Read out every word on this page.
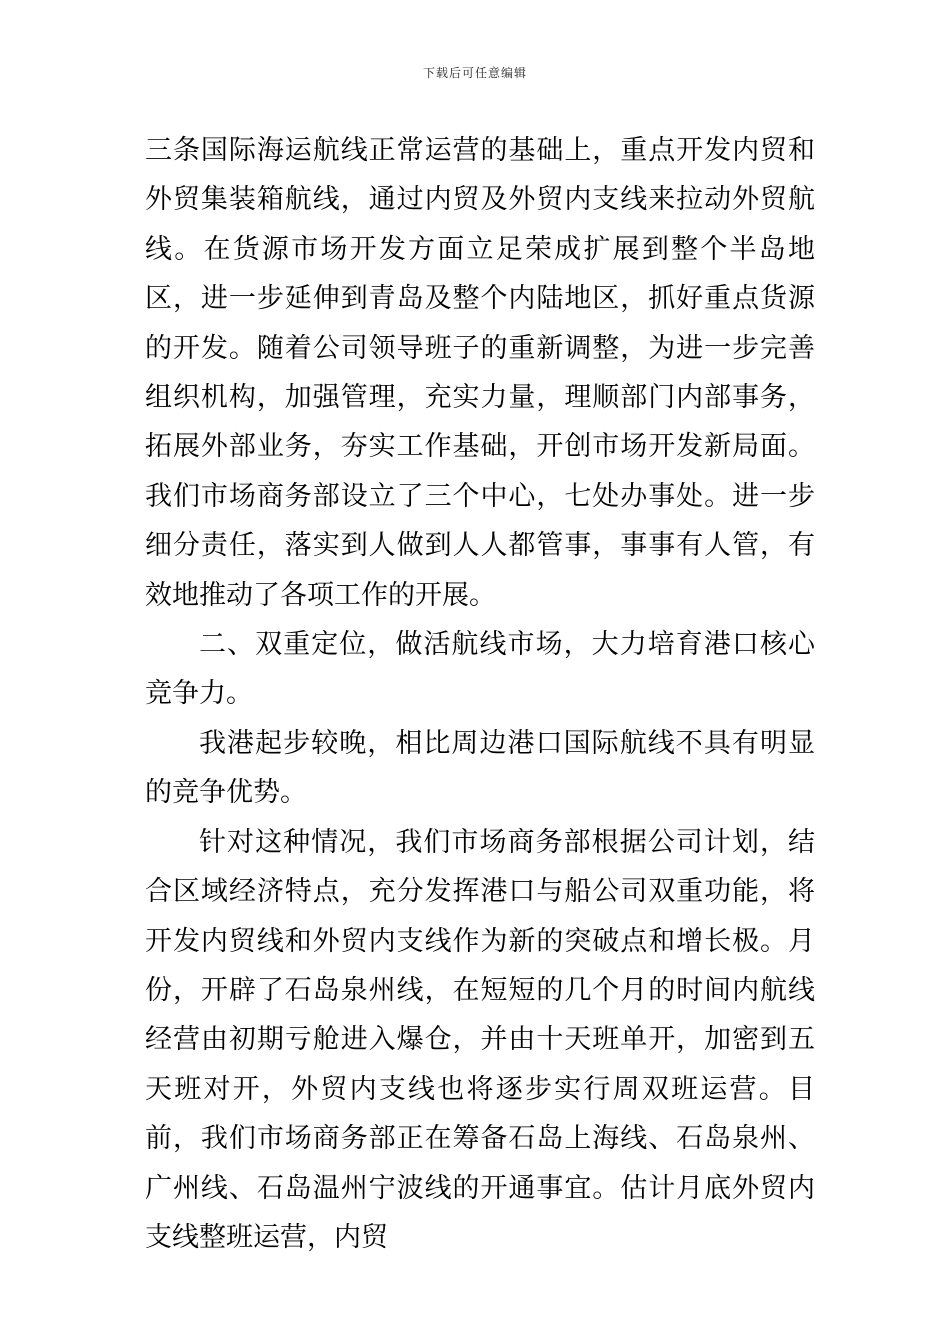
下载后可任意编辑

三条国际海运航线正常运营的基础上，重点开发内贸和外贸集装箱航线，通过内贸及外贸内支线来拉动外贸航线。在货源市场开发方面立足荣成扩展到整个半岛地区，进一步延伸到青岛及整个内陆地区，抓好重点货源的开发。随着公司领导班子的重新调整，为进一步完善组织机构，加强管理，充实力量，理顺部门内部事务，拓展外部业务，夯实工作基础，开创市场开发新局面。我们市场商务部设立了三个中心，七处办事处。进一步细分责任，落实到人做到人人都管事，事事有人管，有效地推动了各项工作的开展。

二、双重定位，做活航线市场，大力培育港口核心竞争力。

我港起步较晚，相比周边港口国际航线不具有明显的竞争优势。

针对这种情况，我们市场商务部根据公司计划，结合区域经济特点，充分发挥港口与船公司双重功能，将开发内贸线和外贸内支线作为新的突破点和增长极。月份，开辟了石岛泉州线，在短短的几个月的时间内航线经营由初期亏舱进入爆仓，并由十天班单开，加密到五天班对开，外贸内支线也将逐步实行周双班运营。目前，我们市场商务部正在筹备石岛上海线、石岛泉州、广州线、石岛温州宁波线的开通事宜。估计月底外贸内支线整班运营，内贸
